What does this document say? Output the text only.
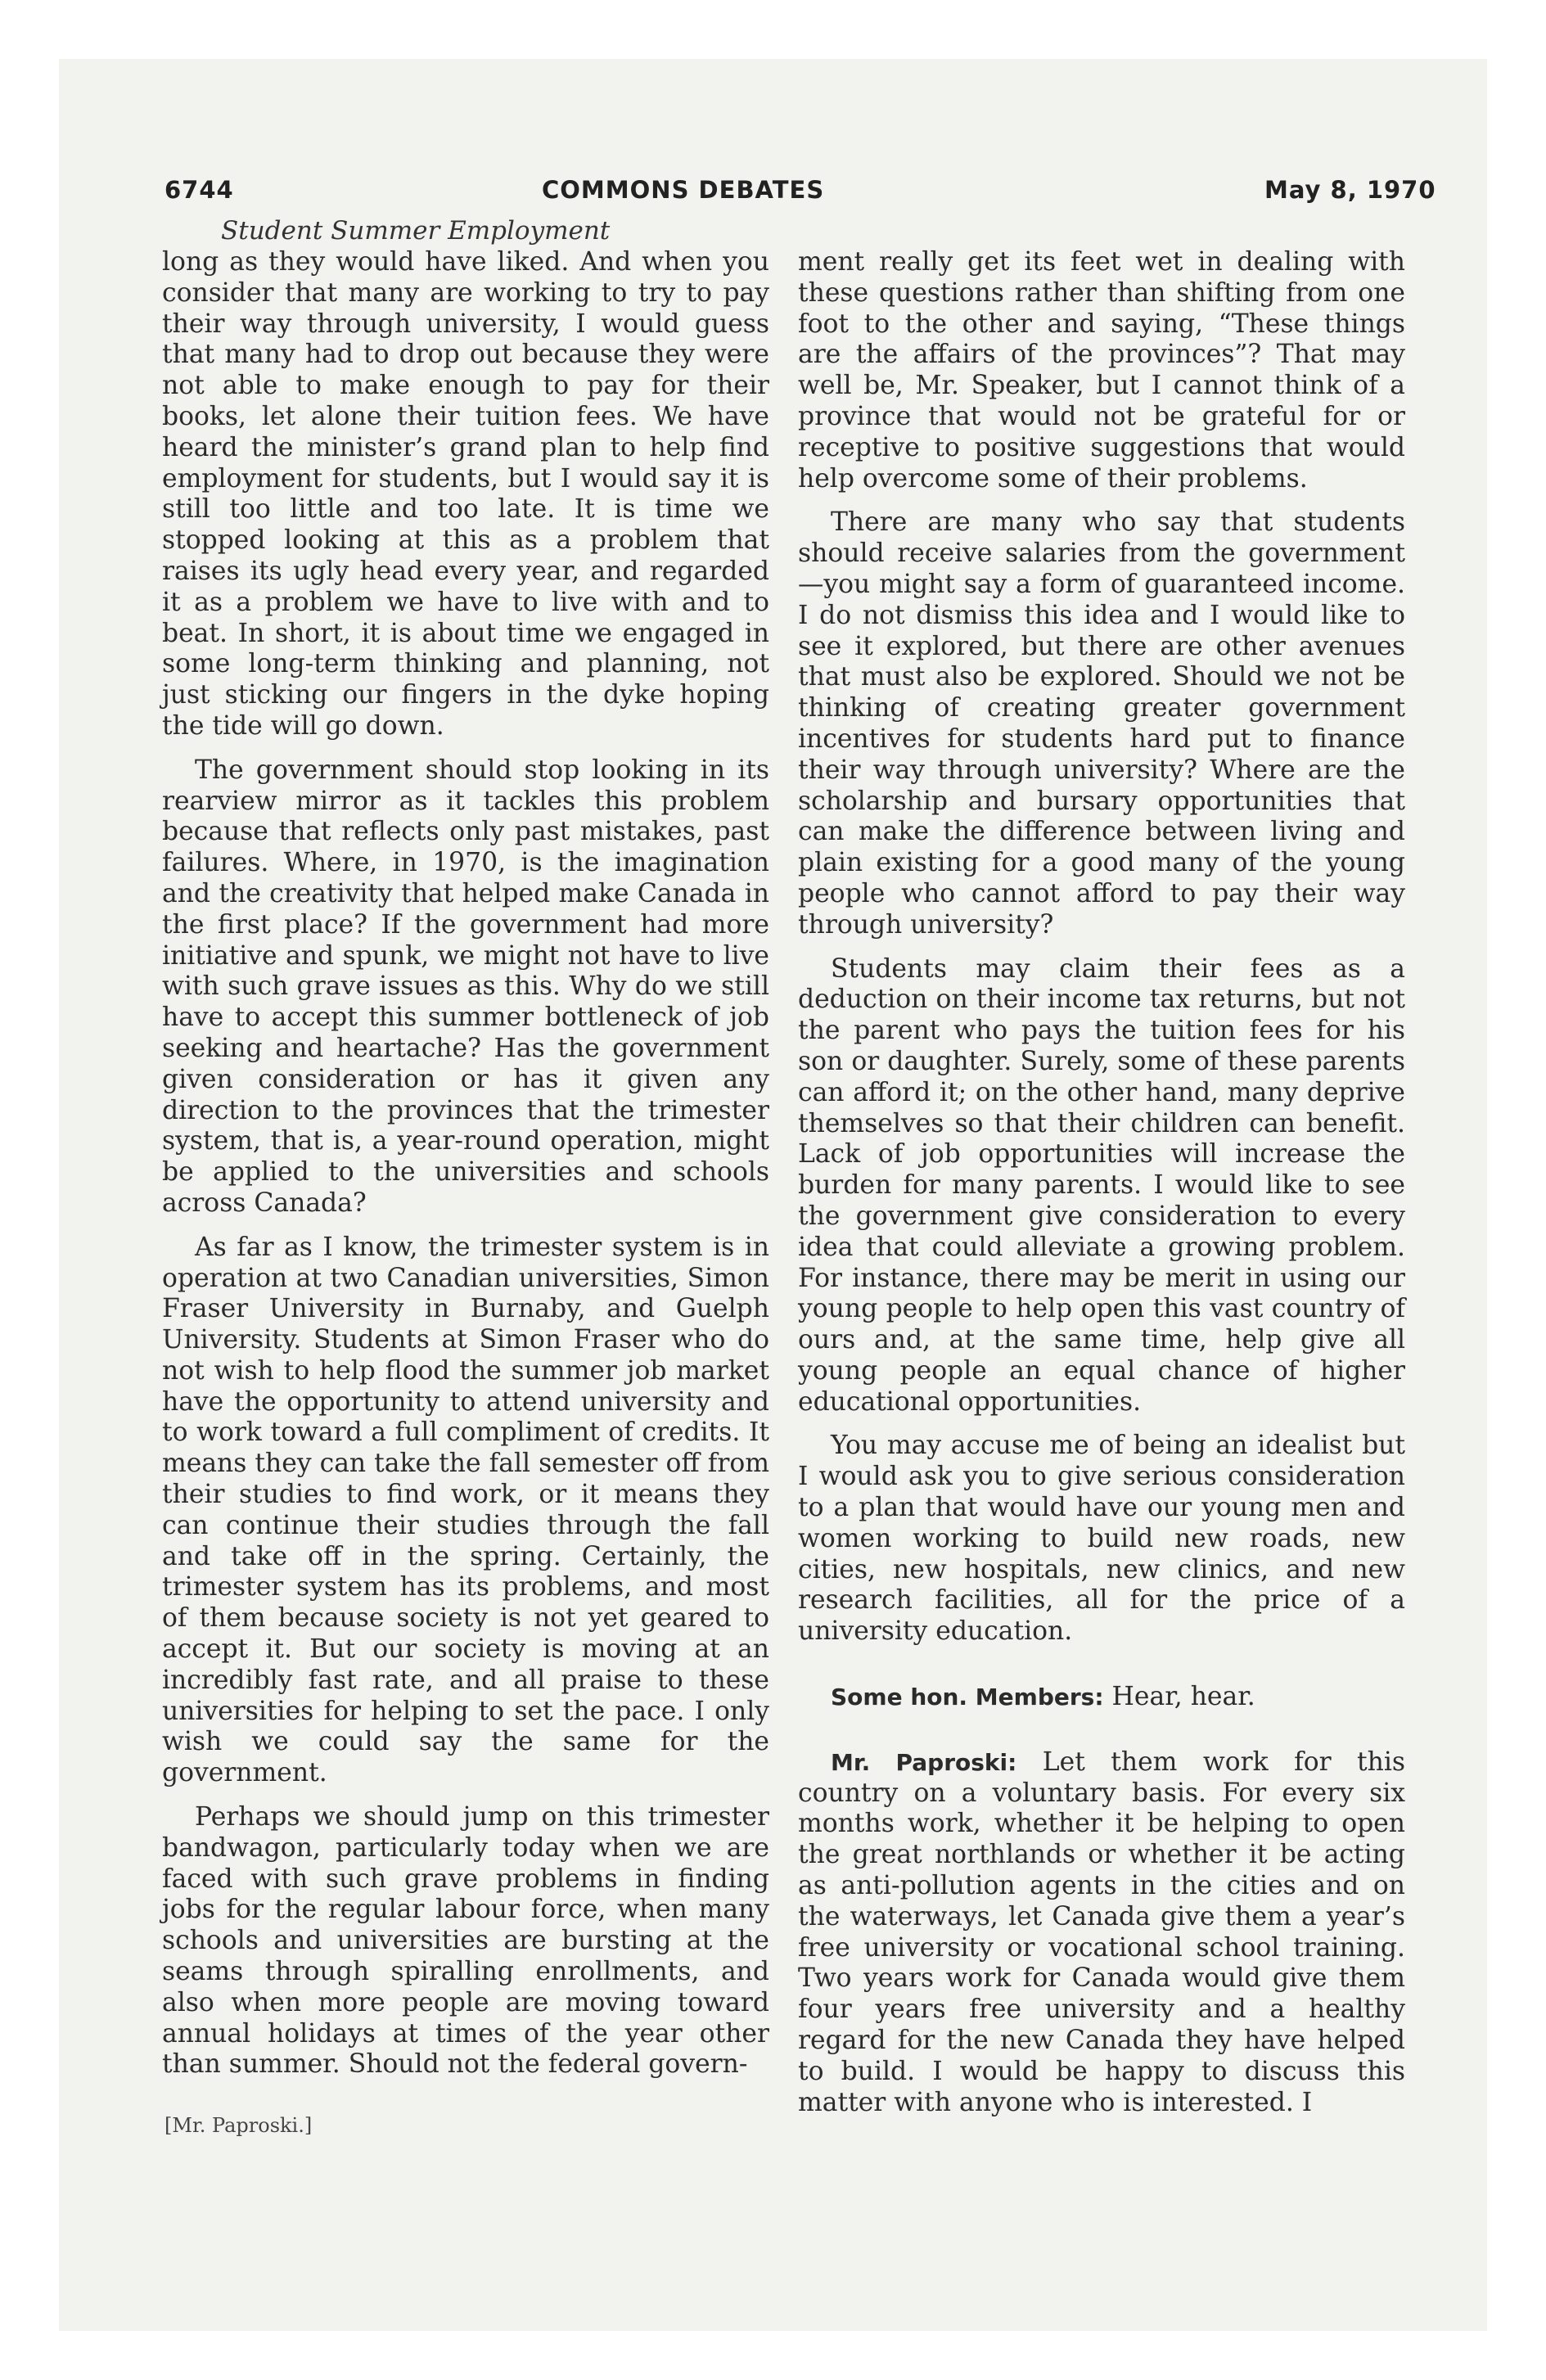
6744	COMMONS DEBATES	May 8, 1970
Student Summer Employment

long as they would have liked. And when you consider that many are working to try to pay their way through university, I would guess that many had to drop out because they were not able to make enough to pay for their books, let alone their tuition fees. We have heard the minister’s grand plan to help find employment for students, but I would say it is still too little and too late. It is time we stopped looking at this as a problem that raises its ugly head every year, and regarded it as a problem we have to live with and to beat. In short, it is about time we engaged in some long-term thinking and planning, not just sticking our fingers in the dyke hoping the tide will go down.

The government should stop looking in its rearview mirror as it tackles this problem because that reflects only past mistakes, past failures. Where, in 1970, is the imagination and the creativity that helped make Canada in the first place? If the government had more initiative and spunk, we might not have to live with such grave issues as this. Why do we still have to accept this summer bottleneck of job seeking and heartache? Has the government given consideration or has it given any direction to the provinces that the trimester system, that is, a year-round operation, might be applied to the universities and schools across Canada?

As far as I know, the trimester system is in operation at two Canadian universities, Simon Fraser University in Burnaby, and Guelph University. Students at Simon Fraser who do not wish to help flood the summer job market have the opportunity to attend university and to work toward a full compliment of credits. It means they can take the fall semester off from their studies to find work, or it means they can continue their studies through the fall and take off in the spring. Certainly, the trimester system has its problems, and most of them because society is not yet geared to accept it. But our society is moving at an incredibly fast rate, and all praise to these universities for helping to set the pace. I only wish we could say the same for the government.

Perhaps we should jump on this trimester bandwagon, particularly today when we are faced with such grave problems in finding jobs for the regular labour force, when many schools and universities are bursting at the seams through spiralling enrollments, and also when more people are moving toward annual holidays at times of the year other than summer. Should not the federal govern-

ment really get its feet wet in dealing with these questions rather than shifting from one foot to the other and saying, “These things are the affairs of the provinces”? That may well be, Mr. Speaker, but I cannot think of a province that would not be grateful for or receptive to positive suggestions that would help overcome some of their problems.

There are many who say that students should receive salaries from the government—you might say a form of guaranteed income. I do not dismiss this idea and I would like to see it explored, but there are other avenues that must also be explored. Should we not be thinking of creating greater government incentives for students hard put to finance their way through university? Where are the scholarship and bursary opportunities that can make the difference between living and plain existing for a good many of the young people who cannot afford to pay their way through university?

Students may claim their fees as a deduction on their income tax returns, but not the parent who pays the tuition fees for his son or daughter. Surely, some of these parents can afford it; on the other hand, many deprive themselves so that their children can benefit. Lack of job opportunities will increase the burden for many parents. I would like to see the government give consideration to every idea that could alleviate a growing problem. For instance, there may be merit in using our young people to help open this vast country of ours and, at the same time, help give all young people an equal chance of higher educational opportunities.

You may accuse me of being an idealist but I would ask you to give serious consideration to a plan that would have our young men and women working to build new roads, new cities, new hospitals, new clinics, and new research facilities, all for the price of a university education.

Some hon. Members: Hear, hear.

Mr. Paproski: Let them work for this country on a voluntary basis. For every six months work, whether it be helping to open the great northlands or whether it be acting as anti-pollution agents in the cities and on the waterways, let Canada give them a year’s free university or vocational school training. Two years work for Canada would give them four years free university and a healthy regard for the new Canada they have helped to build. I would be happy to discuss this matter with anyone who is interested. I

[Mr. Paproski.]
